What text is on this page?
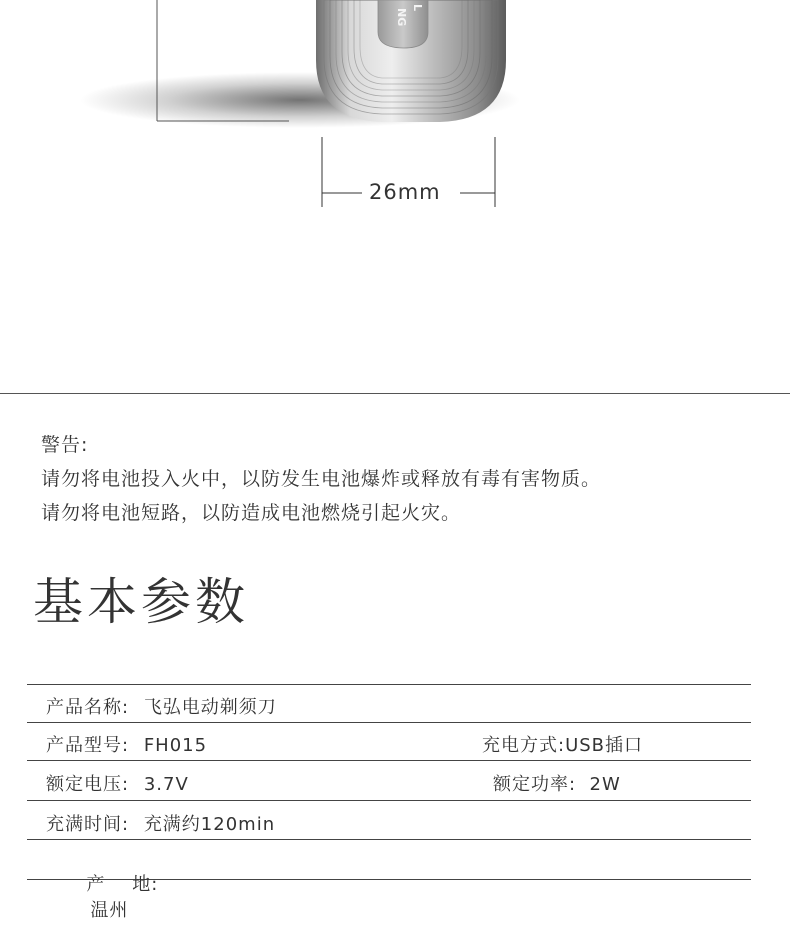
NG
L
26mm
警告:
请勿将电池投入火中，以防发生电池爆炸或释放有毒有害物质。
请勿将电池短路，以防造成电池燃烧引起火灾。
基本参数
产品名称: 飞弘电动剃须刀
产品型号: FH015	充电方式:USB插口
额定电压: 3.7V	额定功率:  2W
充满时间: 充满约120min

产    地:
温州
